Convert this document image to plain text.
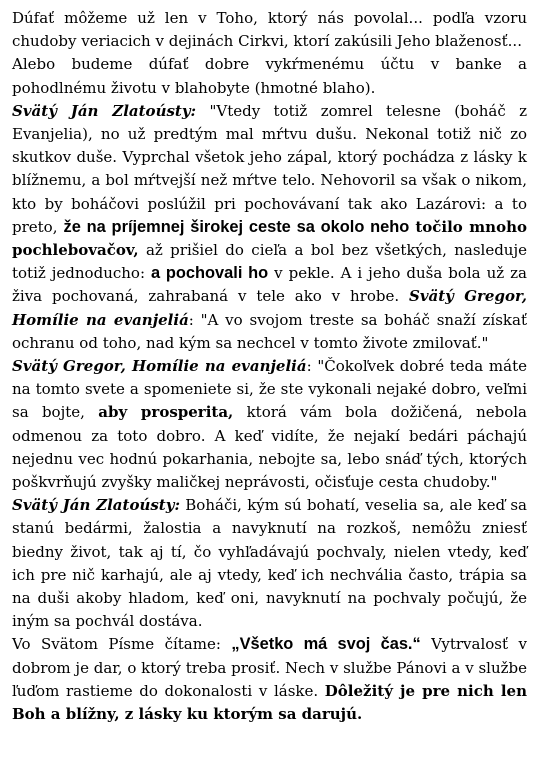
Dúfať môžeme už len v Toho, ktorý nás povolal... podľa vzoru chudoby veriacich v dejinách Cirkvi, ktorí zakúsili Jeho blaženosť...

Alebo budeme dúfať dobre vykŕmenému účtu v banke a pohodlnému životu v blahobyte (hmotné blaho).

Svätý Ján Zlatoústy: "Vtedy totiž zomrel telesne (boháč z Evanjelia), no už predtým mal mŕtvu dušu. Nekonal totiž nič zo skutkov duše. Vyprchal všetok jeho zápal, ktorý pochádza z lásky k blížnemu, a bol mŕtvejší než mŕtve telo. Nehovoril sa však o nikom, kto by boháčovi poslúžil pri pochovávaní tak ako Lazárovi: a to preto, že na príjemnej širokej ceste sa okolo neho točilo mnoho pochlebovačov, až prišiel do cieľa a bol bez všetkých, nasleduje totiž jednoducho: a pochovali ho v pekle. A i jeho duša bola už za živa pochovaná, zahrabaná v tele ako v hrobe. Svätý Gregor, Homílie na evanjeliá: "A vo svojom treste sa boháč snaží získať ochranu od toho, nad kým sa nechcel v tomto živote zmilovať."

Svätý Gregor, Homílie na evanjeliá: "Čokoľvek dobré teda máte na tomto svete a spomeniete si, že ste vykonali nejaké dobro, veľmi sa bojte, aby prosperita, ktorá vám bola dožičená, nebola odmenou za toto dobro. A keď vidíte, že nejakí bedári páchajú nejednu vec hodnú pokarhania, nebojte sa, lebo snáď tých, ktorých poškvrňujú zvyšky maličkej neprávosti, očisťuje cesta chudoby."

Svätý Ján Zlatoústy: Boháči, kým sú bohatí, veselia sa, ale keď sa stanú bedármi, žalostia a navyknutí na rozkoš, nemôžu zniesť biedny život, tak aj tí, čo vyhľadávajú pochvaly, nielen vtedy, keď ich pre nič karhajú, ale aj vtedy, keď ich nechvália často, trápia sa na duši akoby hladom, keď oni, navyknutí na pochvaly počujú, že iným sa pochvál dostáva.

Vo Svätom Písme čítame: „Všetko má svoj čas.“ Vytrvalosť v dobrom je dar, o ktorý treba prosiť. Nech v službe Pánovi a v službe ľuďom rastieme do dokonalosti v láske. Dôležitý je pre nich len Boh a blížny, z lásky ku ktorým sa darujú.
